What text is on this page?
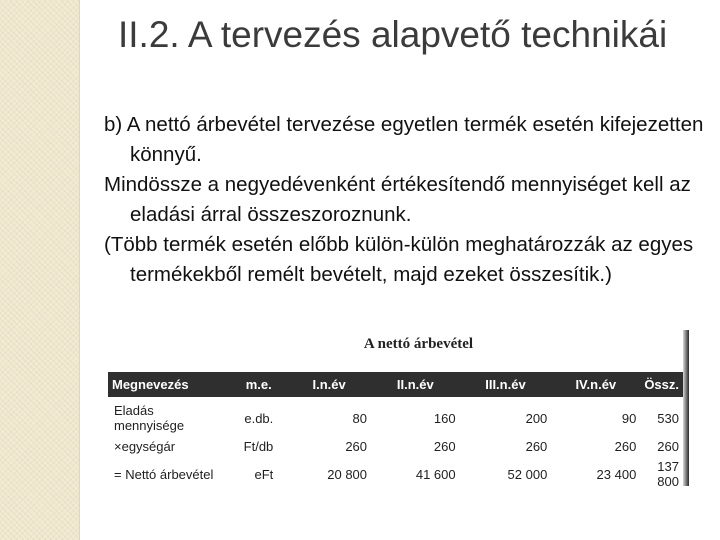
II.2. A tervezés alapvető technikái

b) A nettó árbevétel tervezése egyetlen termék esetén kifejezetten könnyű.

Mindössze a negyedévenként értékesítendő mennyiséget kell az eladási árral összeszoroznunk.

(Több termék esetén előbb külön-külön meghatározzák az egyes termékekből remélt bevételt, majd ezeket összesítik.)

A nettó árbevétel
Megnevezés	m.e.	I.n.év	II.n.év	III.n.év	IV.n.év	Össz.

Eladás mennyisége	e.db.	80	160	200	90	530
×egységár	Ft/db	260	260	260	260	260
= Nettó árbevétel	eFt	20 800	41 600	52 000	23 400	137 800
